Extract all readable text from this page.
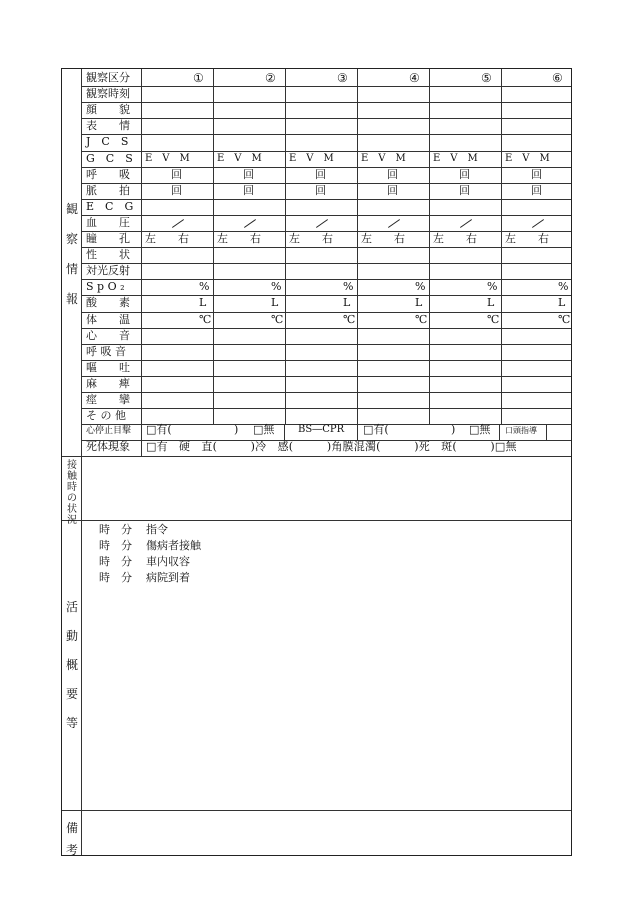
観
察
情
報
接触時の状況
活
動
概
要
等
備
考
観察区分	①	②	③	④	⑤	⑥
観察時刻
顔　　貌
表　　情
J　C　S
G　C　S	E　V　M	E　V　M	E　V　M	E　V　M	E　V　M	E　V　M
呼　　吸	回	回	回	回	回	回
脈　　拍	回	回	回	回	回	回
E　C　G
血　　圧
瞳　　孔	左　　右	左　　右	左　　右	左　　右	左　　右	左　　右
性　　状
対光反射
S p O ₂	%	%	%	%	%	%
酸　　素	L	L	L	L	L	L
体　　温	℃	℃	℃	℃	℃	℃
心　　音
呼 吸 音
嘔　　吐
麻　　痺
痙　　攣
そ の 他
心停止目撃 □有(	) □無 BS―CPR □有(	) □無 口頭指導
死体現象 □有　硬　直(　　　)冷　感(　　　)角膜混濁(　　　)死　斑(　　　)□無
時　分 指令
時　分 傷病者接触
時　分 車内収容
時　分 病院到着
